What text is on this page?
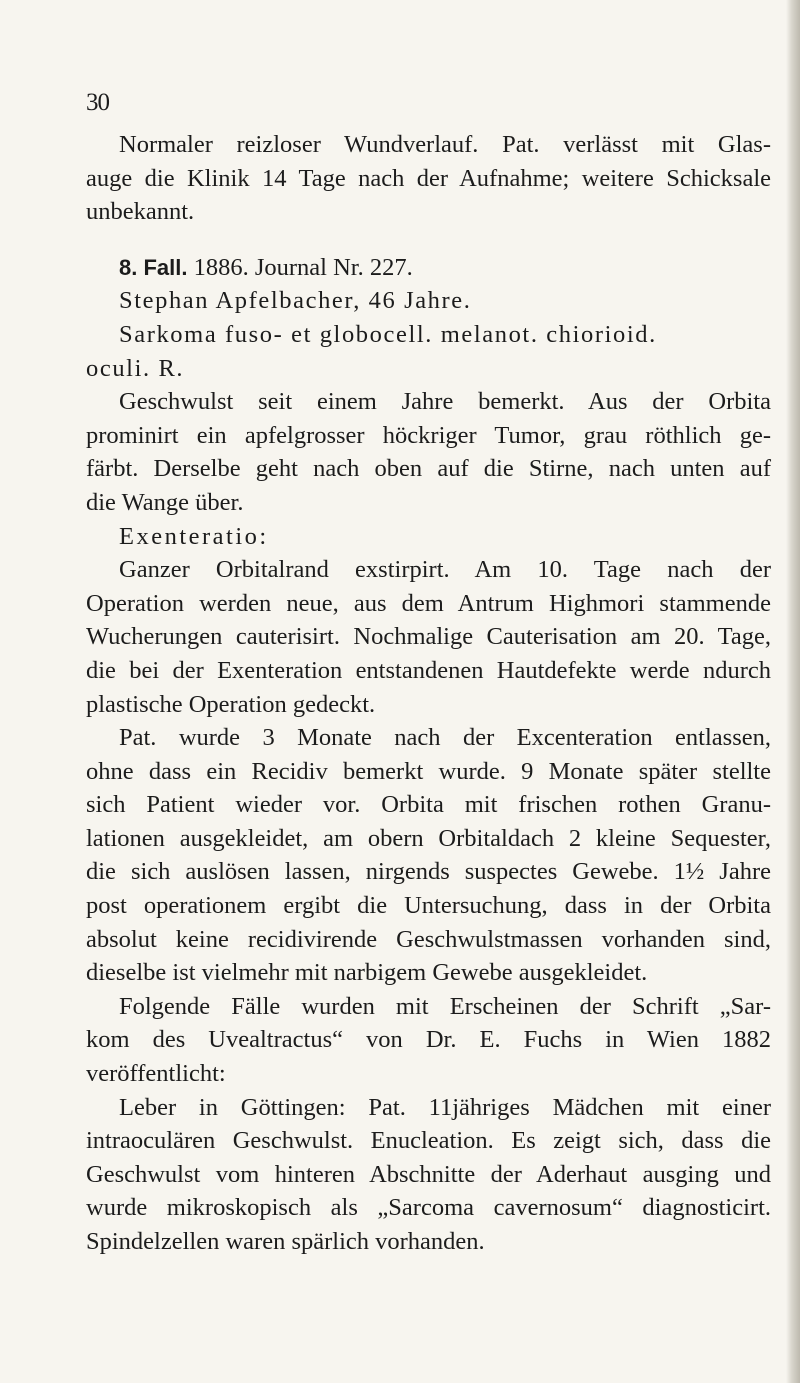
30
Normaler reizloser Wundverlauf. Pat. verlässt mit Glas-
auge die Klinik 14 Tage nach der Aufnahme; weitere Schicksale
unbekannt.
8. Fall. 1886. Journal Nr. 227.
Stephan Apfelbacher, 46 Jahre.
Sarkoma fuso- et globocell. melanot. chiorioid.
oculi. R.
Geschwulst seit einem Jahre bemerkt. Aus der Orbita
prominirt ein apfelgrosser höckriger Tumor, grau röthlich ge-
färbt. Derselbe geht nach oben auf die Stirne, nach unten auf
die Wange über.
Exenteratio:
Ganzer Orbitalrand exstirpirt. Am 10. Tage nach der
Operation werden neue, aus dem Antrum Highmori stammende
Wucherungen cauterisirt. Nochmalige Cauterisation am 20. Tage,
die bei der Exenteration entstandenen Hautdefekte werde ndurch
plastische Operation gedeckt.
Pat. wurde 3 Monate nach der Excenteration entlassen,
ohne dass ein Recidiv bemerkt wurde. 9 Monate später stellte
sich Patient wieder vor. Orbita mit frischen rothen Granu-
lationen ausgekleidet, am obern Orbitaldach 2 kleine Sequester,
die sich auslösen lassen, nirgends suspectes Gewebe. 1½ Jahre
post operationem ergibt die Untersuchung, dass in der Orbita
absolut keine recidivirende Geschwulstmassen vorhanden sind,
dieselbe ist vielmehr mit narbigem Gewebe ausgekleidet.
Folgende Fälle wurden mit Erscheinen der Schrift „Sar-
kom des Uvealtractus“ von Dr. E. Fuchs in Wien 1882
veröffentlicht:
Leber in Göttingen: Pat. 11jähriges Mädchen mit einer
intraoculären Geschwulst. Enucleation. Es zeigt sich, dass die
Geschwulst vom hinteren Abschnitte der Aderhaut ausging und
wurde mikroskopisch als „Sarcoma cavernosum“ diagnosticirt.
Spindelzellen waren spärlich vorhanden.
